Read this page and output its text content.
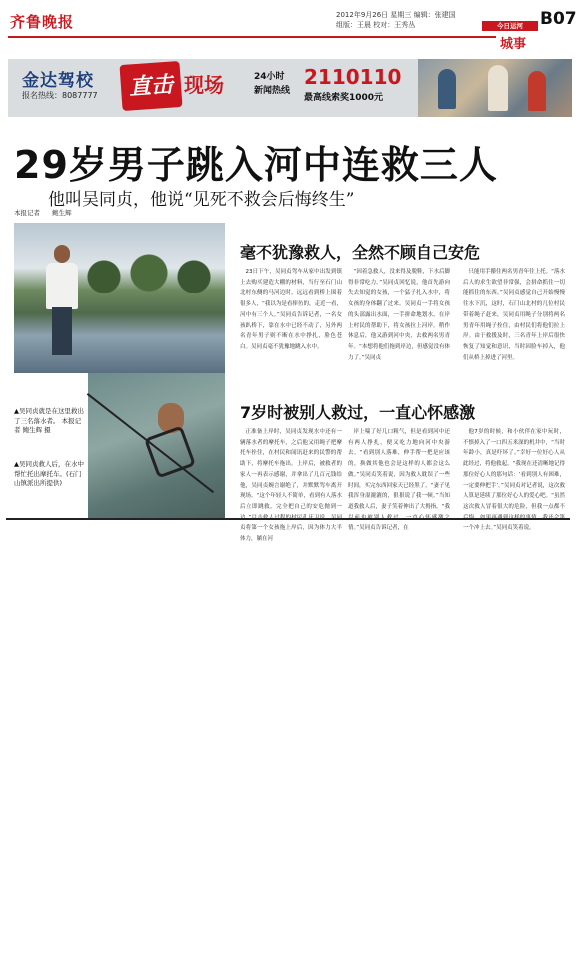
齐鲁晚报	2012年9月26日 星期三 编辑：张建国
组版：王晨 校对：王秀丛	B07
今日运河
城事
金达驾校
报名热线：8087777	直击 现场	24小时
新闻热线
2110110
最高线索奖1000元
29岁男子跳入河中连救三人
他叫吴同贞，他说“见死不救会后悔终生”
本报记者 鲍生辉
▲吴同贞就是在这里救出了三名落水者。 本报记者 鲍生辉 摄
▲吴同贞救人后，在水中帮忙托出摩托车。(石门山镇派出所提供)
毫不犹豫救人，全然不顾自己安危

23日下午，吴同贞驾车从家中出发到镇上去购买建造大棚的材料，当行至石门山北村东侧的马河边时，远远看到桥上围着很多人，“我以为是看摔鱼的，走近一看，河中有三个人。”吴同贞告诉记者，一名女孩趴桥下，靠在水中已经不动了，另外两名青年男子则不断在水中挣扎，脸色苍白。吴同贞毫不犹豫地跳入水中。

“因着急救人，没来得及脱鞋，下水后脚得非常吃力。”吴同贞回忆说，他首先游向失去知觉的女孩，一个猛子扎入水中，将女孩的身体翻了过来。吴同贞一手将女孩的头部露出水面，一手拼命地划水，在岸上村民的帮助下，将女孩拉上河岸。稍作休息后，他又游到河中央，去救两名男青年。“本想将他们拖到岸边，但感觉没有体力了。”吴同贞

只能用手攥住两名男青年往上托。“落水后人的求生欲望非常强，会拼命抓住一切能抓住的东西。”吴同贞感觉自己开始慢慢往水下沉，这时，石门山北村的几位村民带着绳子赶来，吴同贞用绳子分别将两名男青年用绳子拴住，由村民们将他们拉上岸。由于救援及时，三名青年上岸后很快恢复了知觉和意识，当时因脸车掉入，他们从桥上掉进了河里。

7岁时被别人救过，一直心怀感激

正准备上岸时，吴同贞发现水中还有一辆落水者的摩托车，之后他又用绳子把摩托车拴住，在村民和闻讯赶来的民警的帮助下，将摩托车拖出。上岸后，被救者的家人一再表示感谢，并拿出了几百元钱给他，吴同贞婉言谢绝了，并默默驾车离开现场。“这个年轻人不简单，看到有人落水后立即跳救，完全把自己的安危抛到一 贞将第一个女孩拖上岸后，因为体力大半体力，躺在河

岸上喘了好几口粗气，但是看到河中还有两人挣扎，便又吃力地向河中央游去。“看到别人落难，伸手帮一把是应该的，换做其他也会是这样的人都会这么做。”吴同贞笑着说，因为救人耽误了一些时间，买完东西回家天已经黑了，“妻子见我浑身湿漉漉的，狠狠说了我一顿。”当知道我救人后，妻子笑着伸出了大拇指。“我 情。”吴同贞告诉记者，在

他7岁的时候，和小伙伴在家中玩时，不慎掉入了一口四五米深的机井中，“当时年龄小，真是吓坏了。”幸好一位好心人从此经过，将他救起。“我现在还清晰地记得那位好心人的那句话：‘看到别人有困难，一定要伸把手’。”吴同贞对记者说，这次救人算是延续了那位好心人的爱心吧。“虽然这次救人冒着很大的危险，但我一点都不 一个冲上去。”吴同贞笑着说。
